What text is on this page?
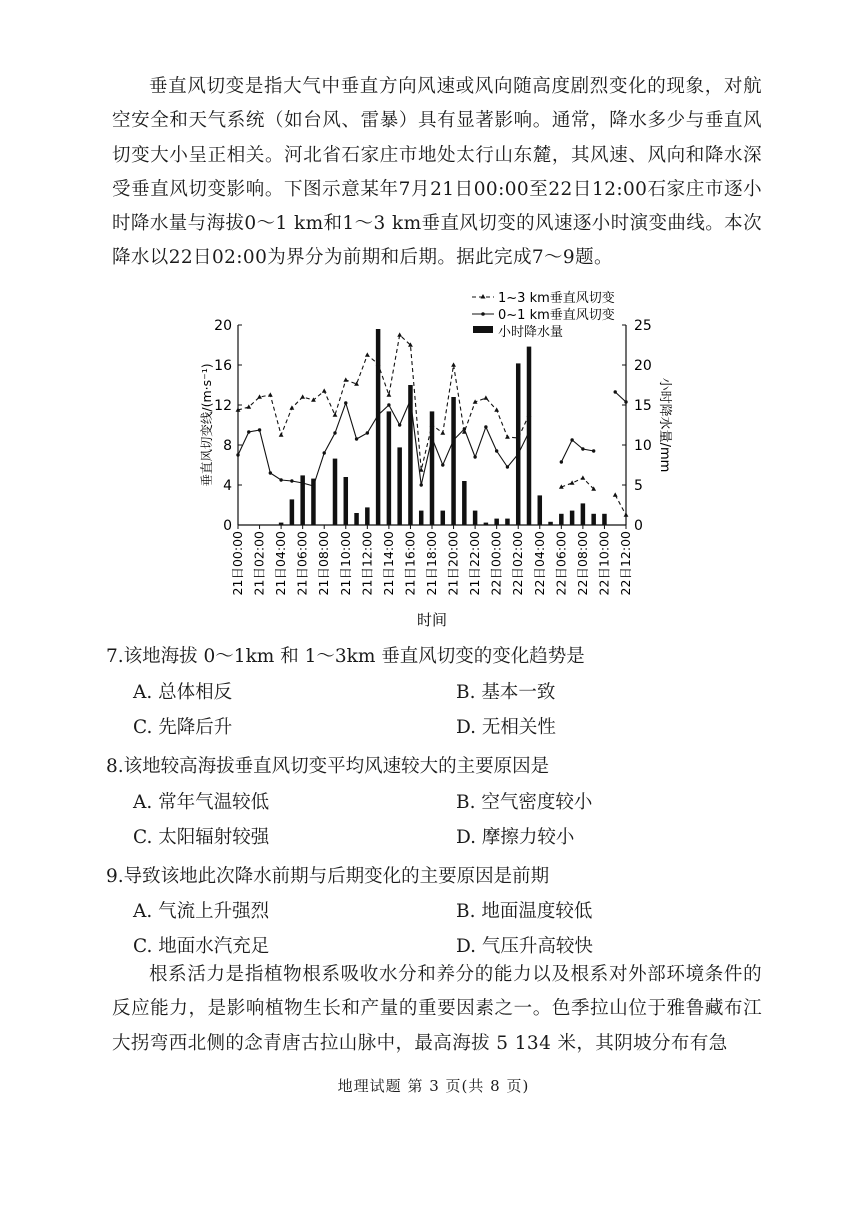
垂直风切变是指大气中垂直方向风速或风向随高度剧烈变化的现象，对航空安全和天气系统（如台风、雷暴）具有显著影响。通常，降水多少与垂直风切变大小呈正相关。河北省石家庄市地处太行山东麓，其风速、风向和降水深受垂直风切变影响。下图示意某年7月21日00:00至22日12:00石家庄市逐小时降水量与海拔0～1 km和1～3 km垂直风切变的风速逐小时演变曲线。本次降水以22日02:00为界分为前期和后期。据此完成7～9题。

0
4
8
12
16
20
0
5
10
15
20
25
垂直风切变线/(m·s⁻¹)	小时降水量/mm
时间
21日00:00 21日02:00 21日04:00 21日06:00 21日08:00 21日10:00 21日12:00 21日14:00 21日16:00 21日18:00 21日20:00 21日22:00 22日00:00 22日02:00 22日04:00 22日06:00 22日08:00 22日10:00 22日12:00
1~3 km垂直风切变
0~1 km垂直风切变
小时降水量

7.该地海拔 0～1km 和 1～3km 垂直风切变的变化趋势是

A. 总体相反	B. 基本一致

C. 先降后升	D. 无相关性

8.该地较高海拔垂直风切变平均风速较大的主要原因是

A. 常年气温较低	B. 空气密度较小

C. 太阳辐射较强	D. 摩擦力较小

9.导致该地此次降水前期与后期变化的主要原因是前期

A. 气流上升强烈	B. 地面温度较低

C. 地面水汽充足	D. 气压升高较快

根系活力是指植物根系吸收水分和养分的能力以及根系对外部环境条件的反应能力，是影响植物生长和产量的重要因素之一。色季拉山位于雅鲁藏布江大拐弯西北侧的念青唐古拉山脉中，最高海拔 5 134 米，其阴坡分布有急

地理试题 第 3 页(共 8 页)
